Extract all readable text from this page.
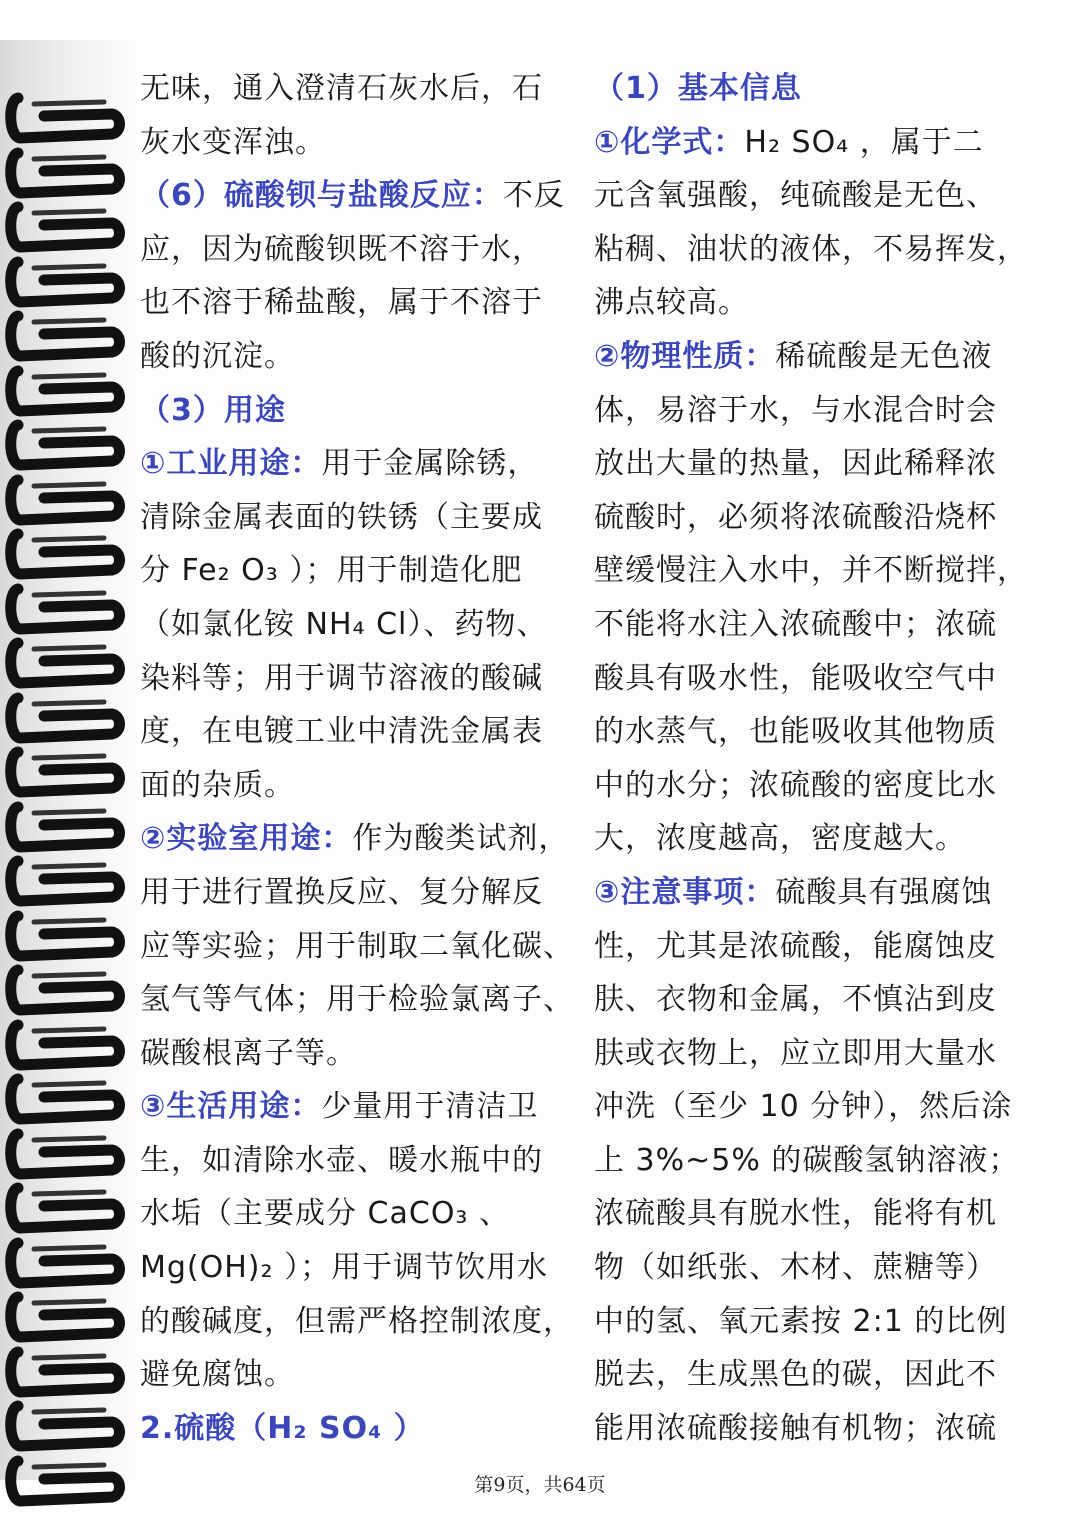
无味，通入澄清石灰水后，石
灰水变浑浊。
（6）硫酸钡与盐酸反应：不反
应，因为硫酸钡既不溶于水，
也不溶于稀盐酸，属于不溶于
酸的沉淀。
（3）用途
①工业用途：用于金属除锈，
清除金属表面的铁锈（主要成
分 Fe₂ O₃ ）；用于制造化肥
（如氯化铵 NH₄ Cl）、药物、
染料等；用于调节溶液的酸碱
度，在电镀工业中清洗金属表
面的杂质。
②实验室用途：作为酸类试剂，
用于进行置换反应、复分解反
应等实验；用于制取二氧化碳、
氢气等气体；用于检验氯离子、
碳酸根离子等。
③生活用途：少量用于清洁卫
生，如清除水壶、暖水瓶中的
水垢（主要成分 CaCO₃ 、
Mg(OH)₂ ）；用于调节饮用水
的酸碱度，但需严格控制浓度，
避免腐蚀。
2.硫酸（H₂ SO₄ ）
（1）基本信息
①化学式：H₂ SO₄ ，属于二
元含氧强酸，纯硫酸是无色、
粘稠、油状的液体，不易挥发，
沸点较高。
②物理性质：稀硫酸是无色液
体，易溶于水，与水混合时会
放出大量的热量，因此稀释浓
硫酸时，必须将浓硫酸沿烧杯
壁缓慢注入水中，并不断搅拌，
不能将水注入浓硫酸中；浓硫
酸具有吸水性，能吸收空气中
的水蒸气，也能吸收其他物质
中的水分；浓硫酸的密度比水
大，浓度越高，密度越大。
③注意事项：硫酸具有强腐蚀
性，尤其是浓硫酸，能腐蚀皮
肤、衣物和金属，不慎沾到皮
肤或衣物上，应立即用大量水
冲洗（至少 10 分钟），然后涂
上 3%~5% 的碳酸氢钠溶液；
浓硫酸具有脱水性，能将有机
物（如纸张、木材、蔗糖等）
中的氢、氧元素按 2:1 的比例
脱去，生成黑色的碳，因此不
能用浓硫酸接触有机物；浓硫
第9页，共64页
